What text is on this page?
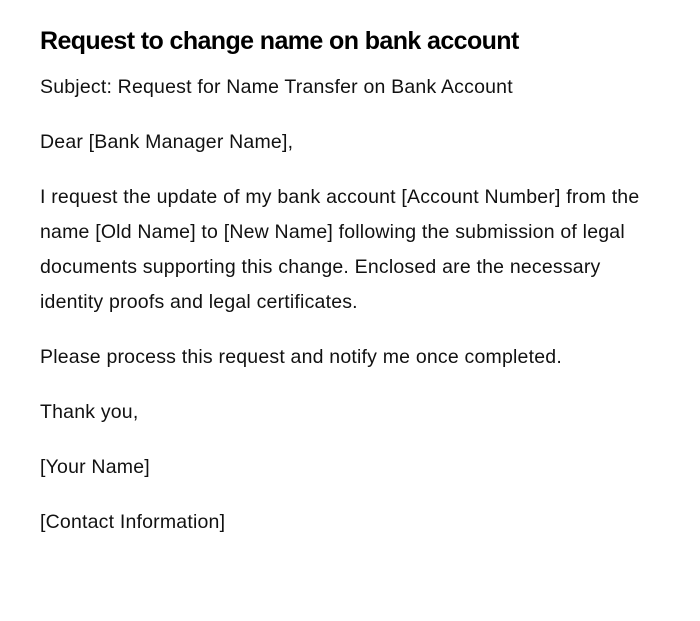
Request to change name on bank account

Subject: Request for Name Transfer on Bank Account

Dear [Bank Manager Name],

I request the update of my bank account [Account Number] from the name [Old Name] to [New Name] following the submission of legal documents supporting this change. Enclosed are the necessary identity proofs and legal certificates.

Please process this request and notify me once completed.

Thank you,

[Your Name]

[Contact Information]
